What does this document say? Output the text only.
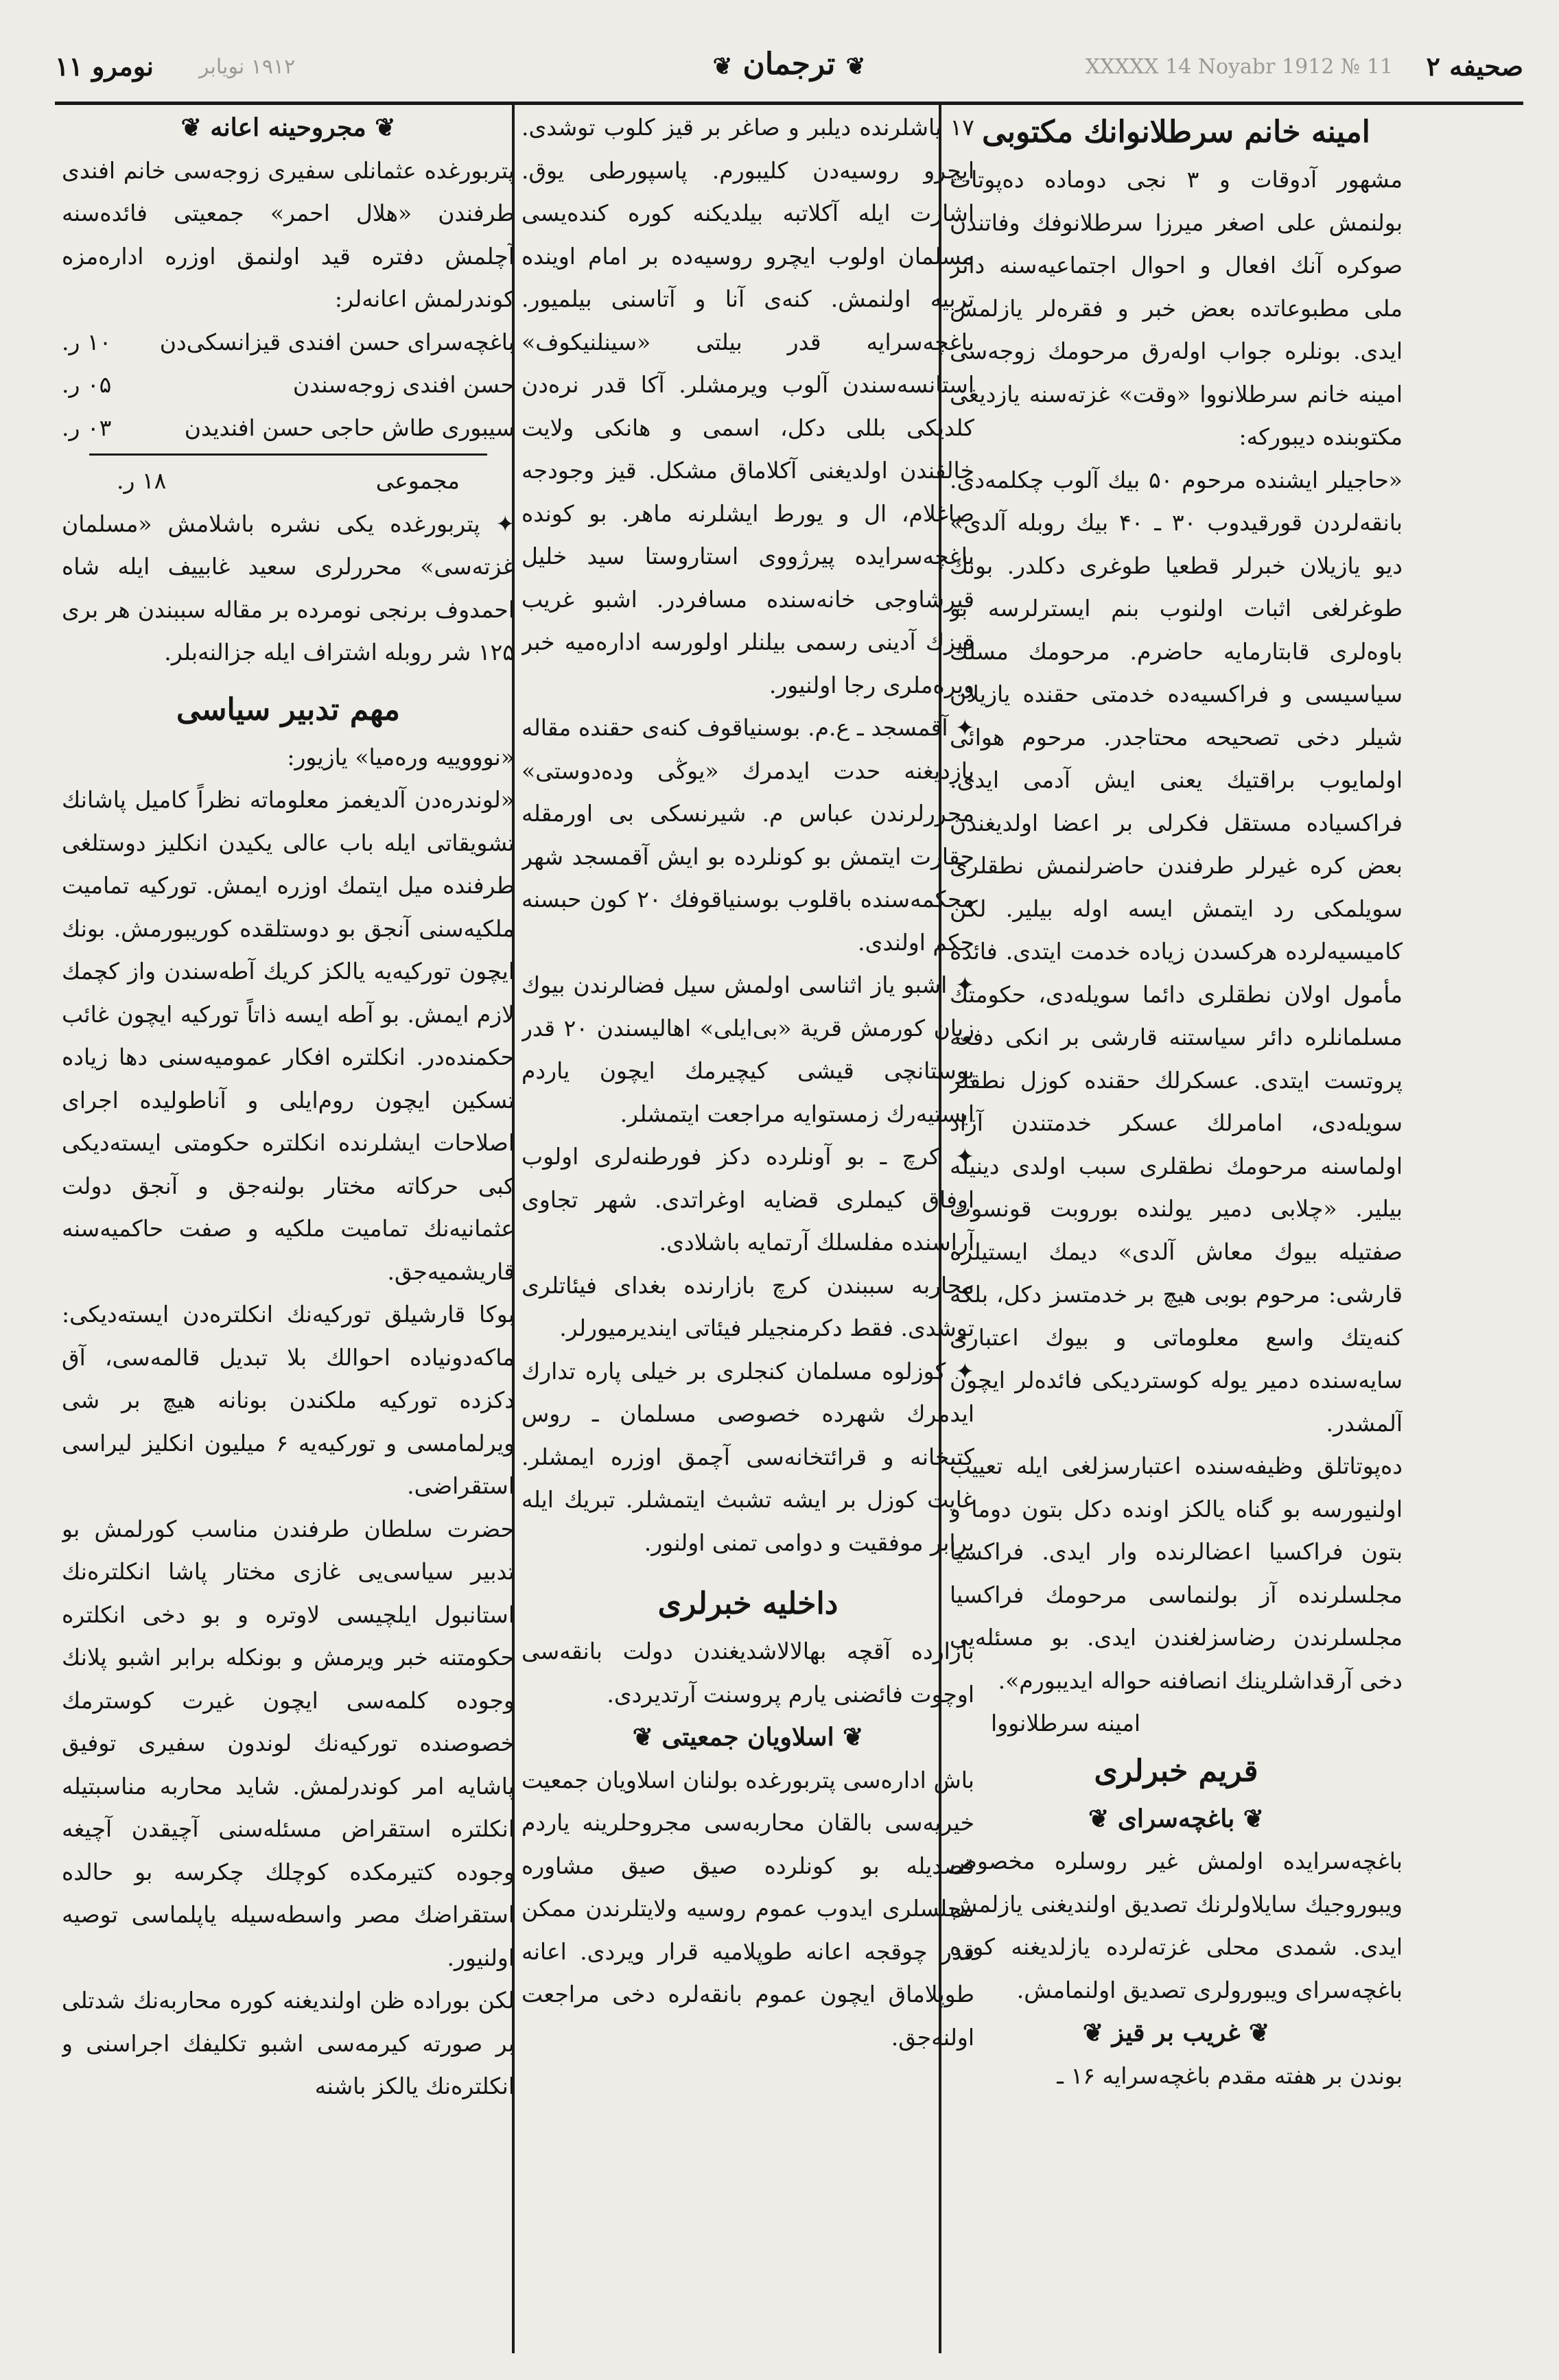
صحیفه ۲
XXXXX 14 Noyabr 1912 № 11
❦ ترجمان ❦
۱۹۱۲ نویابر
نومرو ۱۱
امینه خانم سرطلانوانك مكتوبی

مشهور آدوقات و ۳ نجی دوماده دەپوتات بولنمش علی اصغر میرزا سرطلانوفك وفاتندن صوكره آنك افعال و احوال اجتماعیەسنه دائر ملی مطبوعاتده بعض خبر و فقره‌لر یازلمش ایدی. بونلره جواب اوله‌رق مرحومك زوجه‌سی امینه خانم سرطلانووا «وقت» غزته‌سنه یازدیغی مكتوبنده دیبورکه:

«حاجیلر ایشنده مرحوم ۵۰ بیك آلوب چكلمه‌دی. بانقه‌لردن قورقیدوب ۳۰ ـ ۴۰ بیك روبله آلدی» دیو یازیلان خبرلر قطعیا طوغری دکلدر. بونك طوغرلغی اثبات اولنوب بنم ایسترلرسه بو باوه‌لری قابتارمایه حاضرم. مرحومك مسلك سیاسیسی و فراکسیه‌ده خدمتی حقنده یازیلان شیلر دخی تصحیحه محتاجدر. مرحوم هوائی اولمایوب براقتیك یعنی ایش آدمی ایدی. فراكسیاده مستقل فكرلی بر اعضا اولدیغندن بعض كره غیرلر طرفندن حاضرلنمش نطقلری سویلمکی رد ایتمش ایسه اوله بیلیر. لکن كامیسیه‌لرده هركسدن زیاده خدمت ایتدی. فائده مأمول اولان نطقلری دائما سویله‌دی، حکومتك مسلمانلره دائر سیاستنه قارشی بر انکی دفعه پروتست ایتدی. عسکرلك حقنده كوزل نطقلر سویله‌دی، امامرلك عسکر خدمتندن آزاد اولماسنه مرحومك نطقلری سبب اولدی دینیله بیلیر. «چلابی دمیر یولنده بوروبت قونسوت صفتیله بیوك معاش آلدی» دیمك ایستیلره قارشی: مرحوم بوبی هیچ بر خدمتسز دكل، بلکه كنه‌یتك واسع معلوماتی و بیوك اعتباری سایه‌سنده دمیر یوله كوستردیكی فائده‌لر ایچون آلمشدر.

دەپوتاتلق وظیفه‌سنده‌ اعتبارسزلغی ایله تعییب اولنیورسه بو گناه یالكز اونده دكل بتون دوما و بتون فراكسیا اعضالرنده وار ایدی. فراكسیا مجلسلرنده آز بولنماسی مرحومك فراكسیا مجلسلرندن رضاسزلغندن ایدی. بو مسئله‌یی دخی آرقداشلرینك انصافنه حواله ایدیبورم».

امینه سرطلانووا

قریم خبرلری
❦ باغچه‌سرای ❦

باغچه‌سرایده اولمش غیر روسلره مخصوص ویبوروجیك سایلاولرنك تصدیق اولندیغنی یازلمش ایدی. شمدی محلی غزته‌لرده یازلدیغنه كوره باغچه‌سرای ویبورولری تصدیق اولنمامش.

❦ غریب بر قیز ❦

بوندن بر هفته مقدم باغچه‌سرایه ۱۶ ـ

۱۷ یاشلرنده دیلبر و صاغر بر قیز كلوب توشدی. ایچرو روسیه‌دن كلیبورم. پاسپورطی یوق. اشارت ایله آكلاتبه بیلدیكنه كوره كنده‌یسی مسلمان اولوب ایچرو روسیه‌ده بر امام اوینده تربیه اولنمش. كنه‌ی آنا و آتاسنی بیلمیور. باغچه‌سرایه قدر بیلتی «سینلنیكوف» استانسه‌سندن آلوب ویرمشلر. آكا قدر نره‌دن كلدیكی بللی دكل، اسمی و هانكی ولایت خالقندن اولدیغنی آكلاماق مشكل. قیز وجودجه صاغلام، ال و یورط ایشلرنه ماهر. بو كونده باغچه‌سرایده پیرژووی استاروستا سید خلیل قیرشاوجی خانه‌سنده مسافردر. اشبو غریب قیزك آدینی رسمی بیلنلر اولورسه اداره‌میه خبر ویره‌ملری رجا اولنیور.

✦ آقمسجد ـ ع.م. بوسنیاقوف كنه‌ی حقنده مقاله یازدیغنه حدت ایدمرك «یوڭی ودەدوستی» محررلرندن عباس م. شیرنسكی بی اورمقله حقارت ایتمش بو كونلرده بو ایش آقمسجد شهر محكمه‌سنده باقلوب بوسنیاقوفك ۲۰ كون حبسنه حكم اولندی.

✦ اشبو یاز اثناسی اولمش سیل فضالرندن بیوك زیان كورمش قریة «بی‌ایلی» اهالیسندن ۲۰ قدر بوستانچی قیشی كیچیرمك ایچون یاردم ایستیەرك زمستوایه مراجعت ایتمشلر.

✦ كرچ ـ بو آونلرده دكز فورطنه‌لری اولوب اوفاق كیملری قضایه اوغراتدی. شهر تجاوی آراسنده مفلسلك آرتمایه باشلادی.

محاربه سببندن كرچ بازارنده بغدای فیئاتلری توشدی. فقط دكرمنجیلر فیئاتی ایندیرمیورلر.

✦ كوزلوه مسلمان كنجلری بر خیلی پاره تدارك ایدمرك شهرده خصوصی مسلمان ـ روس كتبخانه و قرائتخانه‌سی آچمق اوزره ایمشلر. غایت كوزل بر ایشه تشبث ایتمشلر. تبریك ایله برابر موفقیت و دوامی تمنی اولنور.

داخلیه خبرلری

بازارده آقچه بهالالاشدیغندن دولت بانقه‌سی اوچوت فائضنی یارم پروسنت آرتدیردی.

❦ اسلاویان جمعیتی ❦

باش اداره‌سی پتربورغده بولنان اسلاویان جمعیت خیریه‌سی بالقان محاربه‌سی مجروحلرینه یاردم قصدیله بو كونلرده صیق صیق مشاوره مجلسلری ایدوب عموم روسیه ولایتلرندن ممكن قدر چوقجه اعانه طوپلامیه قرار ویردی. اعانه طوپلاماق ایچون عموم بانقه‌لره دخی مراجعت اولنه‌جق.

❦ مجروحینه اعانه ❦

پتربورغده عثمانلی سفیری زوجه‌سی خانم افندی طرفندن «هلال احمر» جمعیتی فائده‌سنه آچلمش دفتره قید اولنمق اوزره اداره‌مزه كوندرلمش اعانه‌لر:

باغچه‌سرای حسن افندی قیزانسكی‌دن
۱۰ ر.
حسن افندی زوجه‌سندن
۰۵ ر.
سیبوری طاش حاجی حسن افندیدن
۰۳ ر.
مجموعی
۱۸ ر.

✦ پتربورغده یكی نشره باشلامش «مسلمان غزته‌سی» محررلری سعید غابییف ایله شاه احمدوف برنجی نومرده بر مقاله سببندن هر بری ۱۲۵ شر روبله اشتراف ایله جزالنه‌بلر.

مهم تدبیر سیاسی

«نوووییه ورەمیا» یازیور:

«لوندرەدن آلدیغمز معلوماته نظراً كامیل پاشانك تشویقاتی ایله باب عالی یكیدن انكلیز دوستلغی طرفنده میل ایتمك اوزره ایمش. توركیه تمامیت ملكیه‌سنی آنجق بو دوستلقده كوریبورمش. بونك ایچون توركیه‌یه یالكز كریك آطه‌سندن واز كچمك لازم ایمش. بو آطه ایسه ذاتاً توركیه ایچون غائب حكمنده‌در. انكلتره افكار عمومیه‌سنی دها زیاده تسكین ایچون روم‌ایلی و آناطولیده اجرای اصلاحات ایشلرنده انكلتره حكومتی ایستەدیكی كبی حركاته مختار بولنه‌جق و آنجق دولت عثمانیه‌نك تمامیت ملكیه و صفت حاكمیه‌سنه قاریشمیه‌جق.

بوكا قارشیلق توركیه‌نك انكلتره‌دن ایستەدیكی: ماكه‌دونیاده احوالك بلا تبدیل قالمه‌سی، آق دكزده توركیه ملكندن بونانه هیچ بر شی ویرلمامسی و توركیه‌یه ۶ میلیون انكلیز لیراسی استقراضی.

حضرت سلطان طرفندن مناسب كورلمش بو تدبیر سیاسی‌یی غازی مختار پاشا انكلتره‌نك استانبول ایلچیسی لاوتره و بو دخی انكلتره حكومتنه خبر ویرمش و بونكله برابر اشبو پلانك وجوده كلمه‌سی ایچون غیرت كوسترمك خصوصنده توركیه‌نك لوندون سفیری توفیق پاشایه امر كوندرلمش. شاید محاربه مناسبتیله انكلتره استقراض مسئله‌سنی آچیقدن آچیغه وجوده كتیرمكده كوچلك چكرسه بو حالده استقراضك مصر واسطه‌سیله یاپلماسی توصیه اولنیور.

لكن بوراده ظن اولندیغنه كوره محاربه‌نك شدتلی بر صورته كیرمه‌سی اشبو تكلیفك اجراسنی و انكلتره‌نك یالكز باشنه
